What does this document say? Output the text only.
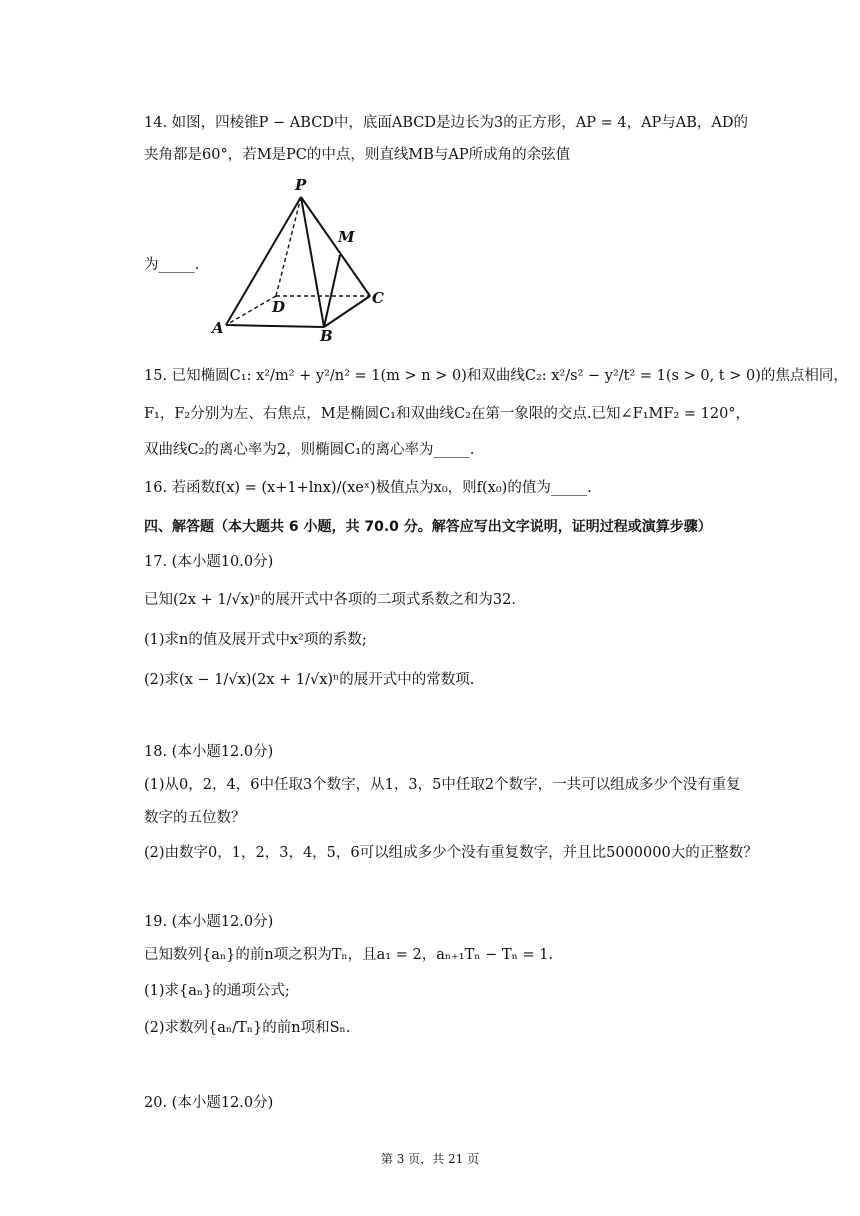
14. 如图，四棱锥P − ABCD中，底面ABCD是边长为3的正方形，AP = 4，AP与AB，AD的
夹角都是60°，若M是PC的中点，则直线MB与AP所成角的余弦值
为_____.
P
M
D	C
A	B
15. 已知椭圆C₁: x²/m² + y²/n² = 1(m > n > 0)和双曲线C₂: x²/s² − y²/t² = 1(s > 0, t > 0)的焦点相同，
F₁，F₂分别为左、右焦点，M是椭圆C₁和双曲线C₂在第一象限的交点.已知∠F₁MF₂ = 120°，
双曲线C₂的离心率为2，则椭圆C₁的离心率为_____.
16. 若函数f(x) = (x+1+lnx)/(xeˣ)极值点为x₀，则f(x₀)的值为_____.
四、解答题（本大题共 6 小题，共 70.0 分。解答应写出文字说明，证明过程或演算步骤）
17. (本小题10.0分)
已知(2x + 1/√x)ⁿ的展开式中各项的二项式系数之和为32.
(1)求n的值及展开式中x²项的系数;
(2)求(x − 1/√x)(2x + 1/√x)ⁿ的展开式中的常数项.
18. (本小题12.0分)
(1)从0，2，4，6中任取3个数字，从1，3，5中任取2个数字，一共可以组成多少个没有重复
数字的五位数？
(2)由数字0，1，2，3，4，5，6可以组成多少个没有重复数字，并且比5000000大的正整数？
19. (本小题12.0分)
已知数列{aₙ}的前n项之积为Tₙ，且a₁ = 2，aₙ₊₁Tₙ − Tₙ = 1.
(1)求{aₙ}的通项公式;
(2)求数列{aₙ/Tₙ}的前n项和Sₙ.
20. (本小题12.0分)
第 3 页，共 21 页
